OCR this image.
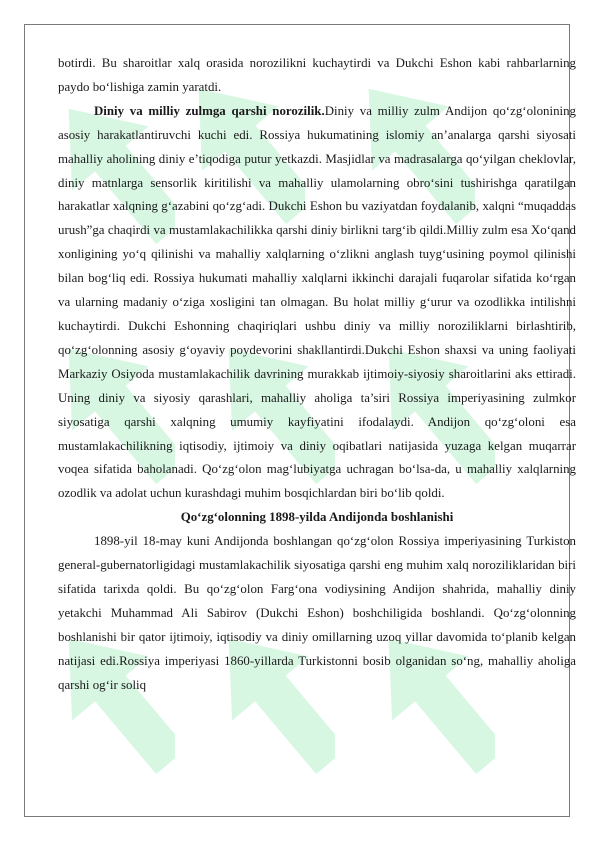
botirdi. Bu sharoitlar xalq orasida norozilikni kuchaytirdi va Dukchi Eshon kabi rahbarlarning paydo bo‘lishiga zamin yaratdi.

Diniy va milliy zulmga qarshi norozilik.Diniy va milliy zulm Andijon qo‘zg‘olonining asosiy harakatlantiruvchi kuchi edi. Rossiya hukumatining islomiy an’analarga qarshi siyosati mahalliy aholining diniy e’tiqodiga putur yetkazdi. Masjidlar va madrasalarga qo‘yilgan cheklovlar, diniy matnlarga sensorlik kiritilishi va mahalliy ulamolarning obro‘sini tushirishga qaratilgan harakatlar xalqning g‘azabini qo‘zg‘adi. Dukchi Eshon bu vaziyatdan foydalanib, xalqni “muqaddas urush”ga chaqirdi va mustamlakachilikka qarshi diniy birlikni targ‘ib qildi.Milliy zulm esa Xo‘qand xonligining yo‘q qilinishi va mahalliy xalqlarning o‘zlikni anglash tuyg‘usining poymol qilinishi bilan bog‘liq edi. Rossiya hukumati mahalliy xalqlarni ikkinchi darajali fuqarolar sifatida ko‘rgan va ularning madaniy o‘ziga xosligini tan olmagan. Bu holat milliy g‘urur va ozodlikka intilishni kuchaytirdi. Dukchi Eshonning chaqiriqlari ushbu diniy va milliy noroziliklarni birlashtirib, qo‘zg‘olonning asosiy g‘oyaviy poydevorini shakllantirdi.Dukchi Eshon shaxsi va uning faoliyati Markaziy Osiyoda mustamlakachilik davrining murakkab ijtimoiy-siyosiy sharoitlarini aks ettiradi. Uning diniy va siyosiy qarashlari, mahalliy aholiga ta’siri Rossiya imperiyasining zulmkor siyosatiga qarshi xalqning umumiy kayfiyatini ifodalaydi. Andijon qo‘zg‘oloni esa mustamlakachilikning iqtisodiy, ijtimoiy va diniy oqibatlari natijasida yuzaga kelgan muqarrar voqea sifatida baholanadi. Qo‘zg‘olon mag‘lubiyatga uchragan bo‘lsa-da, u mahalliy xalqlarning ozodlik va adolat uchun kurashdagi muhim bosqichlardan biri bo‘lib qoldi.

Qo‘zg‘olonning 1898-yilda Andijonda boshlanishi

1898-yil 18-may kuni Andijonda boshlangan qo‘zg‘olon Rossiya imperiyasining Turkiston general-gubernatorligidagi mustamlakachilik siyosatiga qarshi eng muhim xalq noroziliklaridan biri sifatida tarixda qoldi. Bu qo‘zg‘olon Farg‘ona vodiysining Andijon shahrida, mahalliy diniy yetakchi Muhammad Ali Sabirov (Dukchi Eshon) boshchiligida boshlandi. Qo‘zg‘olonning boshlanishi bir qator ijtimoiy, iqtisodiy va diniy omillarning uzoq yillar davomida to‘planib kelgan natijasi edi.Rossiya imperiyasi 1860-yillarda Turkistonni bosib olganidan so‘ng, mahalliy aholiga qarshi og‘ir soliq
